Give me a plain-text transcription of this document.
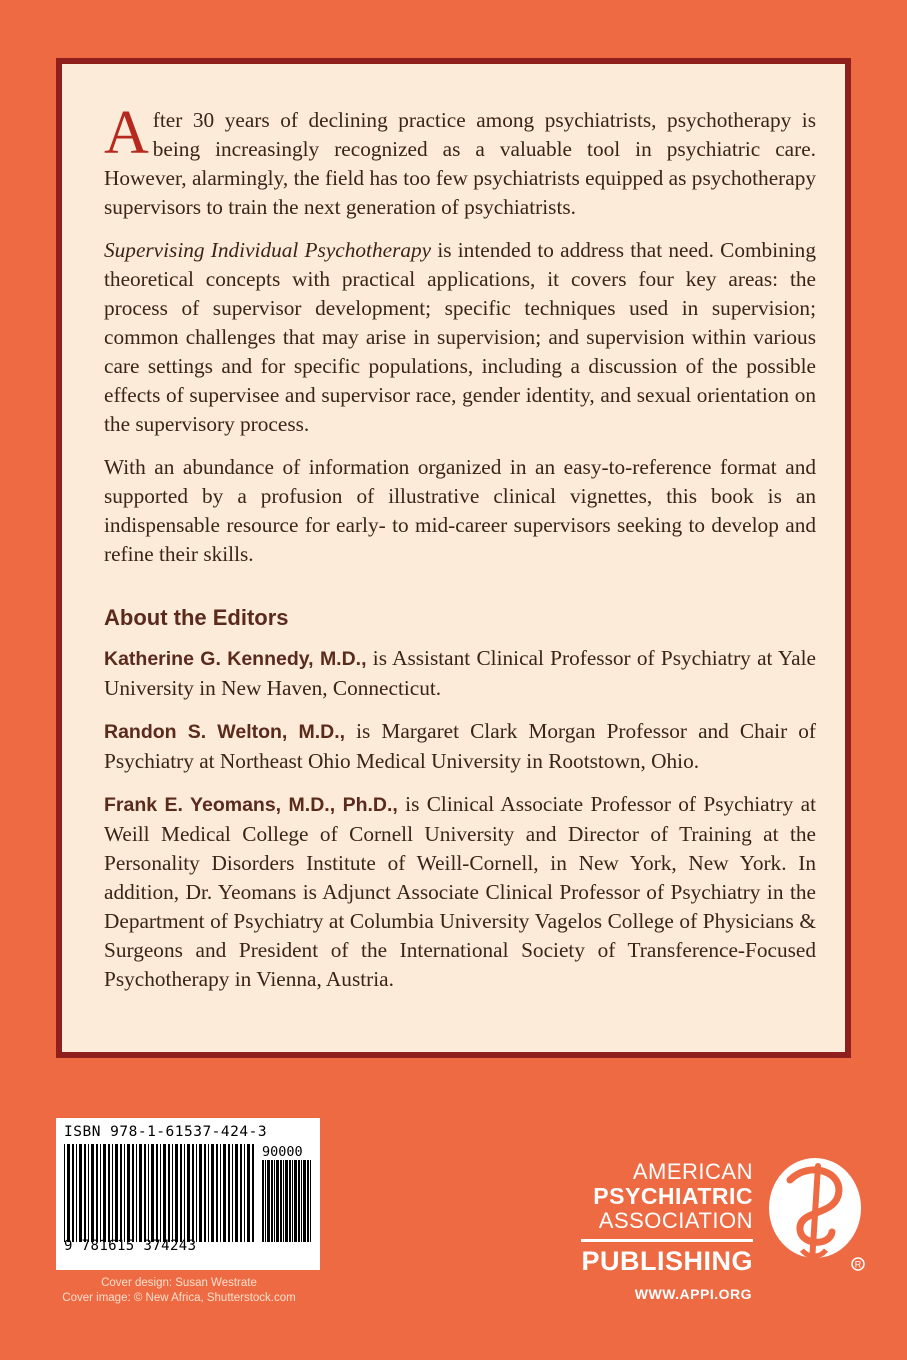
After 30 years of declining practice among psychiatrists, psychotherapy is being increasingly recognized as a valuable tool in psychiatric care. However, alarmingly, the field has too few psychiatrists equipped as psychotherapy supervisors to train the next generation of psychiatrists.

Supervising Individual Psychotherapy is intended to address that need. Combining theoretical concepts with practical applications, it covers four key areas: the process of supervisor development; specific techniques used in supervision; common challenges that may arise in supervision; and supervision within various care settings and for specific populations, including a discussion of the possible effects of supervisee and supervisor race, gender identity, and sexual orientation on the supervisory process.

With an abundance of information organized in an easy-to-reference format and supported by a profusion of illustrative clinical vignettes, this book is an indispensable resource for early- to mid-career supervisors seeking to develop and refine their skills.

About the Editors

Katherine G. Kennedy, M.D., is Assistant Clinical Professor of Psychiatry at Yale University in New Haven, Connecticut.

Randon S. Welton, M.D., is Margaret Clark Morgan Professor and Chair of Psychiatry at Northeast Ohio Medical University in Rootstown, Ohio.

Frank E. Yeomans, M.D., Ph.D., is Clinical Associate Professor of Psychiatry at Weill Medical College of Cornell University and Director of Training at the Personality Disorders Institute of Weill-Cornell, in New York, New York. In addition, Dr. Yeomans is Adjunct Associate Clinical Professor of Psychiatry in the Department of Psychiatry at Columbia University Vagelos College of Physicians & Surgeons and President of the International Society of Transference-Focused Psychotherapy in Vienna, Austria.

ISBN 978-1-61537-424-3
90000
9 781615 374243
Cover design: Susan Westrate
Cover image: © New Africa, Shutterstock.com
AMERICAN
PSYCHIATRIC
ASSOCIATION
PUBLISHING	R
WWW.APPI.ORG
